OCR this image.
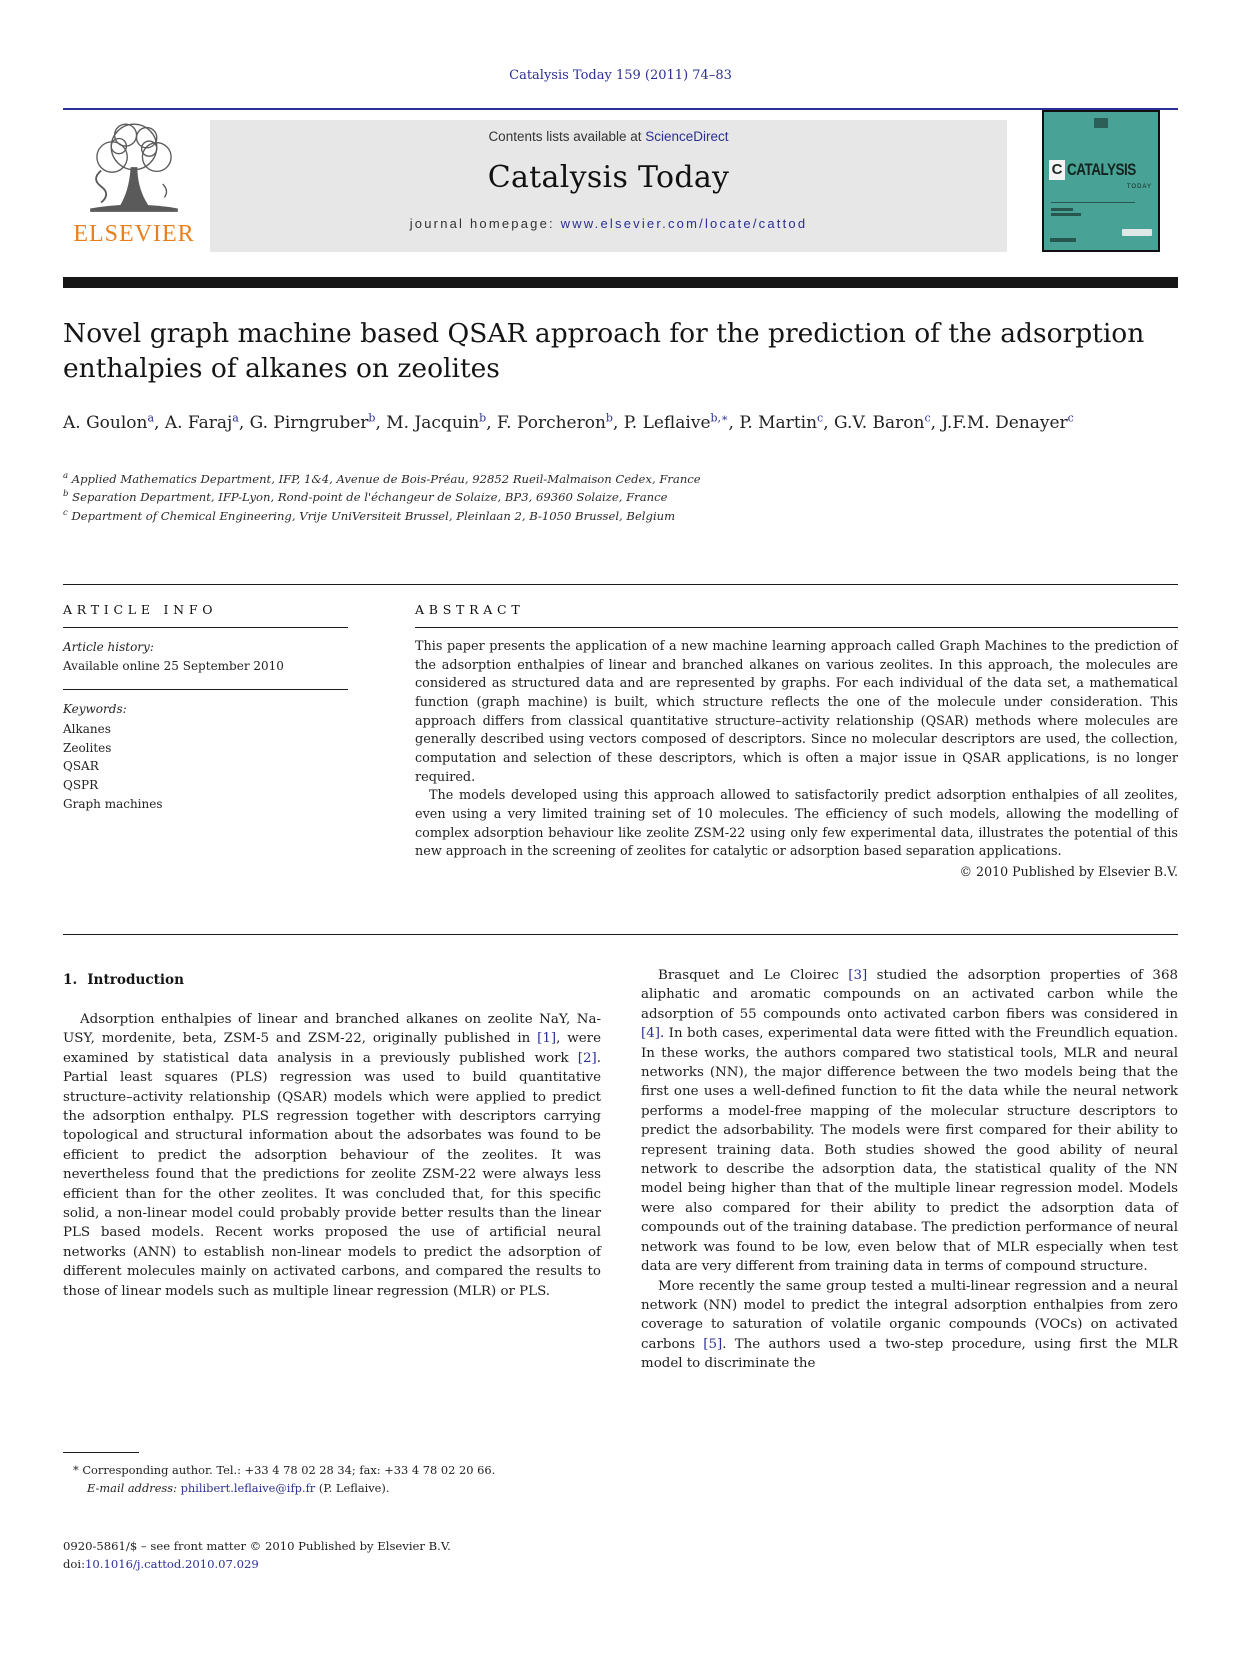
Catalysis Today 159 (2011) 74–83
ELSEVIER
Contents lists available at ScienceDirect
Catalysis Today
journal homepage: www.elsevier.com/locate/cattod
C CATALYSIS
TODAY
Novel graph machine based QSAR approach for the prediction of the adsorption enthalpies of alkanes on zeolites
A. Goulon$^a$, A. Faraj$^a$, G. Pirngruber$^b$, M. Jacquin$^b$, F. Porcheron$^b$, P. Leflaive$^{b,∗}$, P. Martin$^c$, G.V. Baron$^c$, J.F.M. Denayer$^c$
$^a$ Applied Mathematics Department, IFP, 1&4, Avenue de Bois-Préau, 92852 Rueil-Malmaison Cedex, France
$^b$ Separation Department, IFP-Lyon, Rond-point de l'échangeur de Solaize, BP3, 69360 Solaize, France
$^c$ Department of Chemical Engineering, Vrije UniVersiteit Brussel, Pleinlaan 2, B-1050 Brussel, Belgium
ARTICLE INFO
Article history:
Available online 25 September 2010
Keywords:
Alkanes
Zeolites
QSAR
QSPR
Graph machines
ABSTRACT

This paper presents the application of a new machine learning approach called Graph Machines to the prediction of the adsorption enthalpies of linear and branched alkanes on various zeolites. In this approach, the molecules are considered as structured data and are represented by graphs. For each individual of the data set, a mathematical function (graph machine) is built, which structure reflects the one of the molecule under consideration. This approach differs from classical quantitative structure–activity relationship (QSAR) methods where molecules are generally described using vectors composed of descriptors. Since no molecular descriptors are used, the collection, computation and selection of these descriptors, which is often a major issue in QSAR applications, is no longer required.

The models developed using this approach allowed to satisfactorily predict adsorption enthalpies of all zeolites, even using a very limited training set of 10 molecules. The efficiency of such models, allowing the modelling of complex adsorption behaviour like zeolite ZSM-22 using only few experimental data, illustrates the potential of this new approach in the screening of zeolites for catalytic or adsorption based separation applications.

© 2010 Published by Elsevier B.V.
1. Introduction

Adsorption enthalpies of linear and branched alkanes on zeolite NaY, Na-USY, mordenite, beta, ZSM-5 and ZSM-22, originally published in [1], were examined by statistical data analysis in a previously published work [2]. Partial least squares (PLS) regression was used to build quantitative structure–activity relationship (QSAR) models which were applied to predict the adsorption enthalpy. PLS regression together with descriptors carrying topological and structural information about the adsorbates was found to be efficient to predict the adsorption behaviour of the zeolites. It was nevertheless found that the predictions for zeolite ZSM-22 were always less efficient than for the other zeolites. It was concluded that, for this specific solid, a non-linear model could probably provide better results than the linear PLS based models. Recent works proposed the use of artificial neural networks (ANN) to establish non-linear models to predict the adsorption of different molecules mainly on activated carbons, and compared the results to those of linear models such as multiple linear regression (MLR) or PLS.

Brasquet and Le Cloirec [3] studied the adsorption properties of 368 aliphatic and aromatic compounds on an activated carbon while the adsorption of 55 compounds onto activated carbon fibers was considered in [4]. In both cases, experimental data were fitted with the Freundlich equation. In these works, the authors compared two statistical tools, MLR and neural networks (NN), the major difference between the two models being that the first one uses a well-defined function to fit the data while the neural network performs a model-free mapping of the molecular structure descriptors to predict the adsorbability. The models were first compared for their ability to represent training data. Both studies showed the good ability of neural network to describe the adsorption data, the statistical quality of the NN model being higher than that of the multiple linear regression model. Models were also compared for their ability to predict the adsorption data of compounds out of the training database. The prediction performance of neural network was found to be low, even below that of MLR especially when test data are very different from training data in terms of compound structure.

More recently the same group tested a multi-linear regression and a neural network (NN) model to predict the integral adsorption enthalpies from zero coverage to saturation of volatile organic compounds (VOCs) on activated carbons [5]. The authors used a two-step procedure, using first the MLR model to discriminate the

* Corresponding author. Tel.: +33 4 78 02 28 34; fax: +33 4 78 02 20 66.
E-mail address: philibert.leflaive@ifp.fr (P. Leflaive).
0920-5861/$ – see front matter © 2010 Published by Elsevier B.V.
doi:10.1016/j.cattod.2010.07.029
